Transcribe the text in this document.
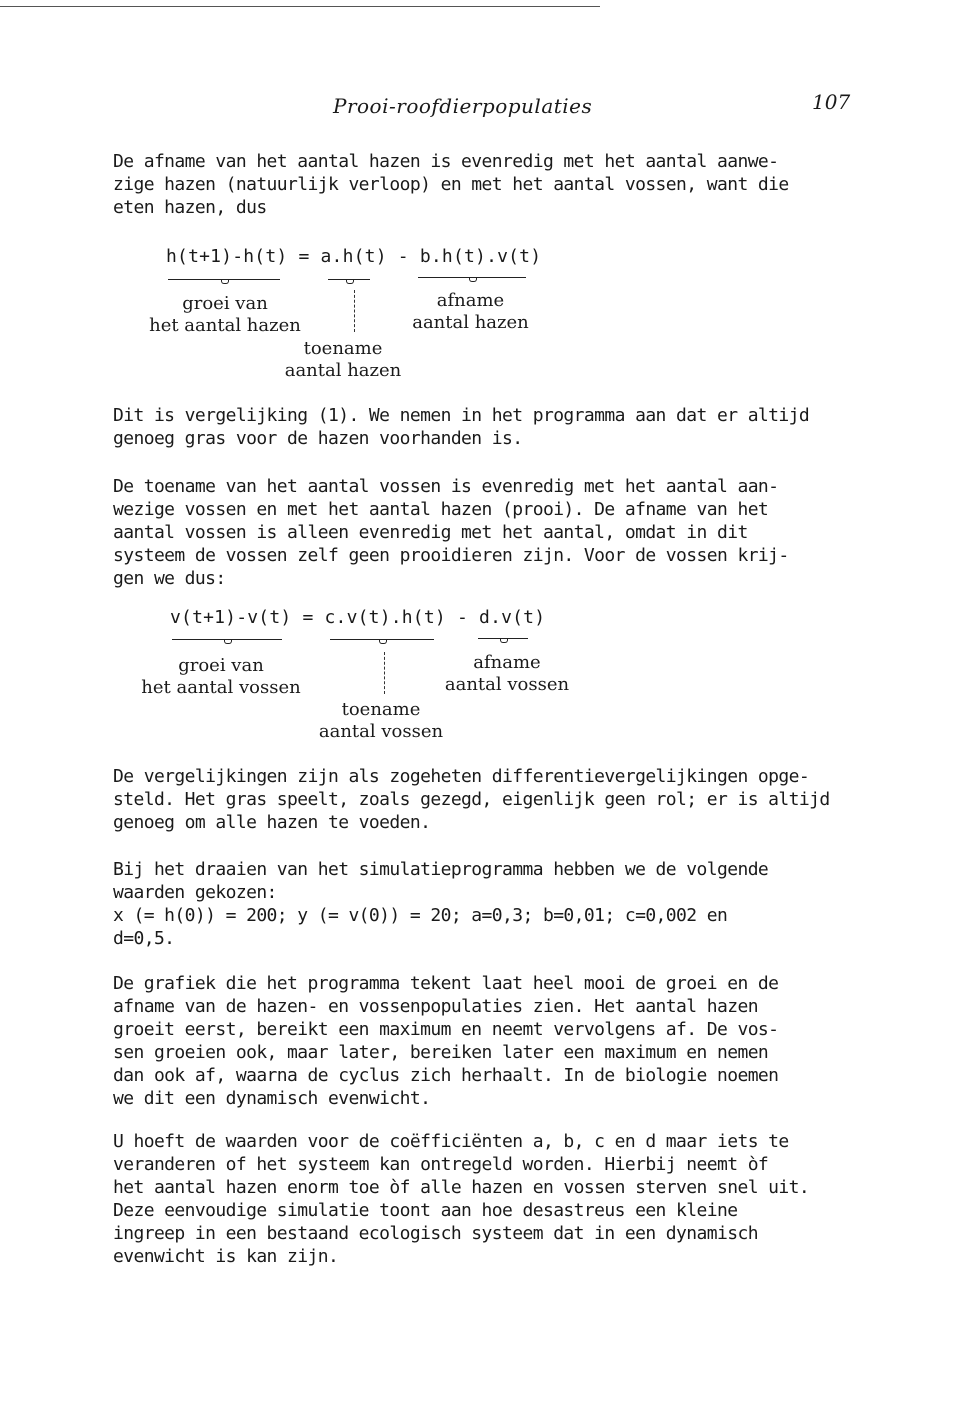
Prooi-roofdierpopulaties	107

De afname van het aantal hazen is evenredig met het aantal aanwe-
zige hazen (natuurlijk verloop) en met het aantal vossen, want die
eten hazen, dus

h(t+1)-h(t) = a.h(t) - b.h(t).v(t)
groei van
het aantal hazen
afname
aantal hazen
toename
aantal hazen

Dit is vergelijking (1). We nemen in het programma aan dat er altijd
genoeg gras voor de hazen voorhanden is.

De toename van het aantal vossen is evenredig met het aantal aan-
wezige vossen en met het aantal hazen (prooi). De afname van het
aantal vossen is alleen evenredig met het aantal, omdat in dit
systeem de vossen zelf geen prooidieren zijn. Voor de vossen krij-
gen we dus:

v(t+1)-v(t) = c.v(t).h(t) - d.v(t)
groei van
het aantal vossen
afname
aantal vossen
toename
aantal vossen

De vergelijkingen zijn als zogeheten differentievergelijkingen opge-
steld. Het gras speelt, zoals gezegd, eigenlijk geen rol; er is altijd
genoeg om alle hazen te voeden.

Bij het draaien van het simulatieprogramma hebben we de volgende
waarden gekozen:
x (= h(0)) = 200; y (= v(0)) = 20; a=0,3; b=0,01; c=0,002 en
d=0,5.

De grafiek die het programma tekent laat heel mooi de groei en de
afname van de hazen- en vossenpopulaties zien. Het aantal hazen
groeit eerst, bereikt een maximum en neemt vervolgens af. De vos-
sen groeien ook, maar later, bereiken later een maximum en nemen
dan ook af, waarna de cyclus zich herhaalt. In de biologie noemen
we dit een dynamisch evenwicht.

U hoeft de waarden voor de coëfficiënten a, b, c en d maar iets te
veranderen of het systeem kan ontregeld worden. Hierbij neemt òf
het aantal hazen enorm toe òf alle hazen en vossen sterven snel uit.
Deze eenvoudige simulatie toont aan hoe desastreus een kleine
ingreep in een bestaand ecologisch systeem dat in een dynamisch
evenwicht is kan zijn.
